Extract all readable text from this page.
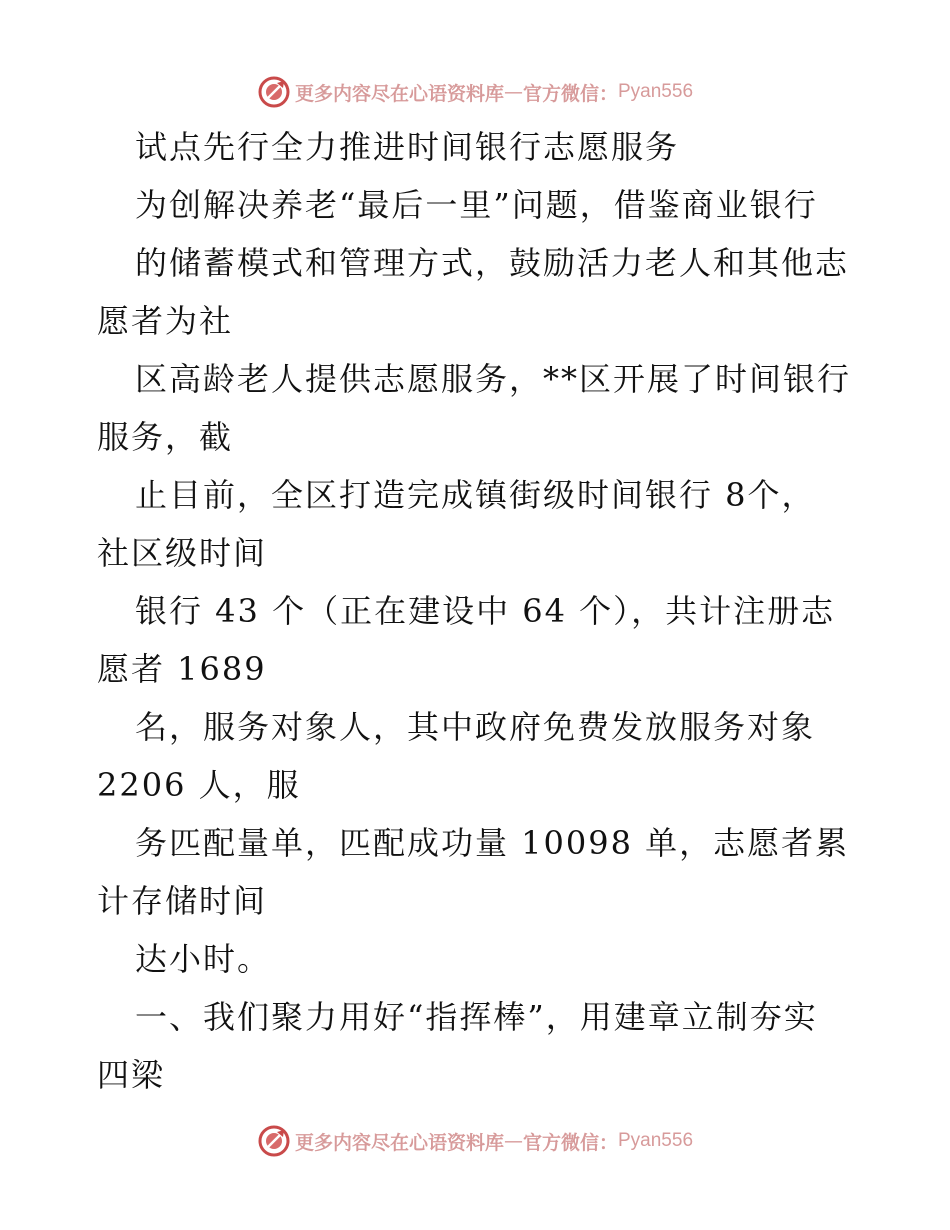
更多内容尽在心语资料库 — 官方微信： Pyan556
试点先行全力推进时间银行志愿服务
为创解决养老“最后一里”问题，借鉴商业银行
的储蓄模式和管理方式，鼓励活力老人和其他志
愿者为社
区高龄老人提供志愿服务，**区开展了时间银行
服务，截
止目前，全区打造完成镇街级时间银行 8个，
社区级时间
银行 43 个（正在建设中 64 个），共计注册志
愿者 1689
名，服务对象人，其中政府免费发放服务对象
2206 人，服
务匹配量单，匹配成功量 10098 单，志愿者累
计存储时间
达小时。
一、我们聚力用好“指挥棒”，用建章立制夯实
四梁
更多内容尽在心语资料库 — 官方微信： Pyan556
